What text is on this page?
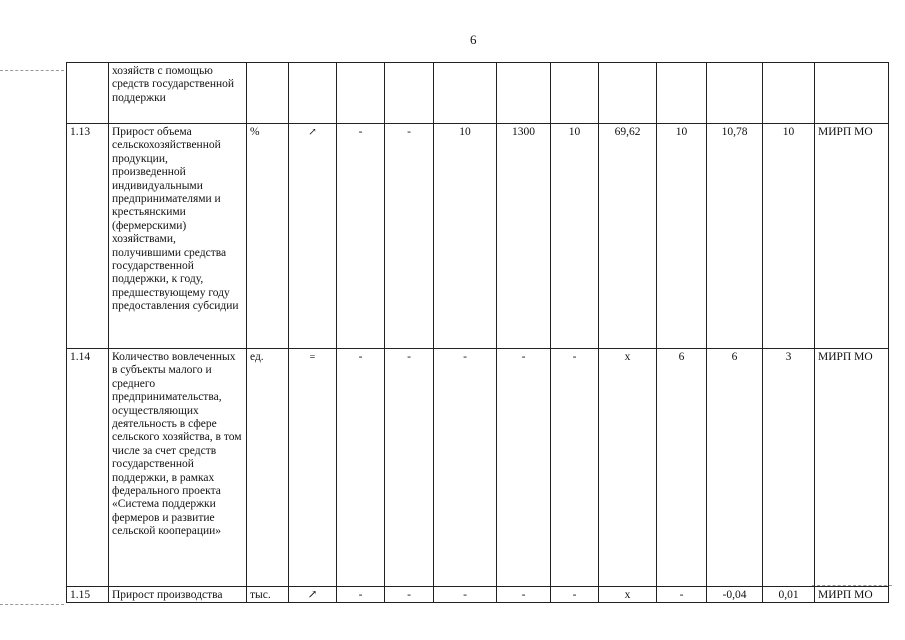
6
	хозяйств с помощью средств государственной поддержки												
1.13	Прирост объема сельскохозяйственной продукции, произведенной индивидуальными предпринимателями и крестьянскими (фермерскими) хозяйствами, получившими средства государственной поддержки, к году, предшествующему году предоставления субсидии	%	↗	-	-	10	1300	10	69,62	10	10,78	10	МИРП МО
1.14	Количество вовлеченных в субъекты малого и среднего предпринимательства, осуществляющих деятельность в сфере сельского хозяйства, в том числе за счет средств государственной поддержки, в рамках федерального проекта «Система поддержки фермеров и развитие сельской кооперации»	ед.	=	-	-	-	-	-	х	6	6	3	МИРП МО
1.15	Прирост производства	тыс.	↗	-	-	-	-	-	х	-	-0,04	0,01	МИРП МО
